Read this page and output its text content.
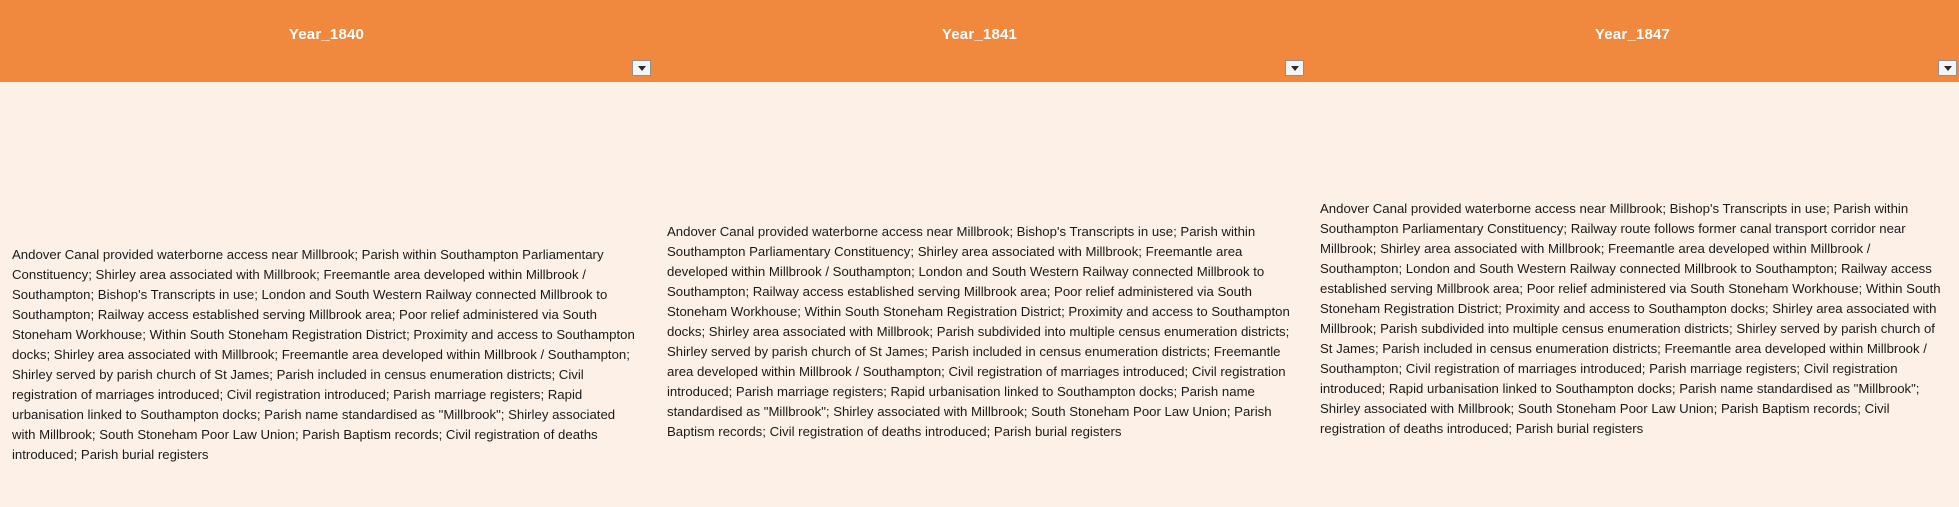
Year_1840
Andover Canal provided waterborne access near Millbrook; Parish within Southampton Parliamentary Constituency; Shirley area associated with Millbrook; Freemantle area developed within Millbrook / Southampton; Bishop's Transcripts in use; London and South Western Railway connected Millbrook to Southampton; Railway access established serving Millbrook area; Poor relief administered via South Stoneham Workhouse; Within South Stoneham Registration District; Proximity and access to Southampton docks; Shirley area associated with Millbrook; Freemantle area developed within Millbrook / Southampton; Shirley served by parish church of St James; Parish included in census enumeration districts; Civil registration of marriages introduced; Civil registration introduced; Parish marriage registers; Rapid urbanisation linked to Southampton docks; Parish name standardised as "Millbrook"; Shirley associated with Millbrook; South Stoneham Poor Law Union; Parish Baptism records; Civil registration of deaths introduced; Parish burial registers
Year_1841
Andover Canal provided waterborne access near Millbrook; Bishop's Transcripts in use; Parish within Southampton Parliamentary Constituency; Shirley area associated with Millbrook; Freemantle area developed within Millbrook / Southampton; London and South Western Railway connected Millbrook to Southampton; Railway access established serving Millbrook area; Poor relief administered via South Stoneham Workhouse; Within South Stoneham Registration District; Proximity and access to Southampton docks; Shirley area associated with Millbrook; Parish subdivided into multiple census enumeration districts; Shirley served by parish church of St James; Parish included in census enumeration districts; Freemantle area developed within Millbrook / Southampton; Civil registration of marriages introduced; Civil registration introduced; Parish marriage registers; Rapid urbanisation linked to Southampton docks; Parish name standardised as "Millbrook"; Shirley associated with Millbrook; South Stoneham Poor Law Union; Parish Baptism records; Civil registration of deaths introduced; Parish burial registers
Year_1847
Andover Canal provided waterborne access near Millbrook; Bishop's Transcripts in use; Parish within Southampton Parliamentary Constituency; Railway route follows former canal transport corridor near Millbrook; Shirley area associated with Millbrook; Freemantle area developed within Millbrook / Southampton; London and South Western Railway connected Millbrook to Southampton; Railway access established serving Millbrook area; Poor relief administered via South Stoneham Workhouse; Within South Stoneham Registration District; Proximity and access to Southampton docks; Shirley area associated with Millbrook; Parish subdivided into multiple census enumeration districts; Shirley served by parish church of St James; Parish included in census enumeration districts; Freemantle area developed within Millbrook / Southampton; Civil registration of marriages introduced; Parish marriage registers; Civil registration introduced; Rapid urbanisation linked to Southampton docks; Parish name standardised as "Millbrook"; Shirley associated with Millbrook; South Stoneham Poor Law Union; Parish Baptism records; Civil registration of deaths introduced; Parish burial registers
